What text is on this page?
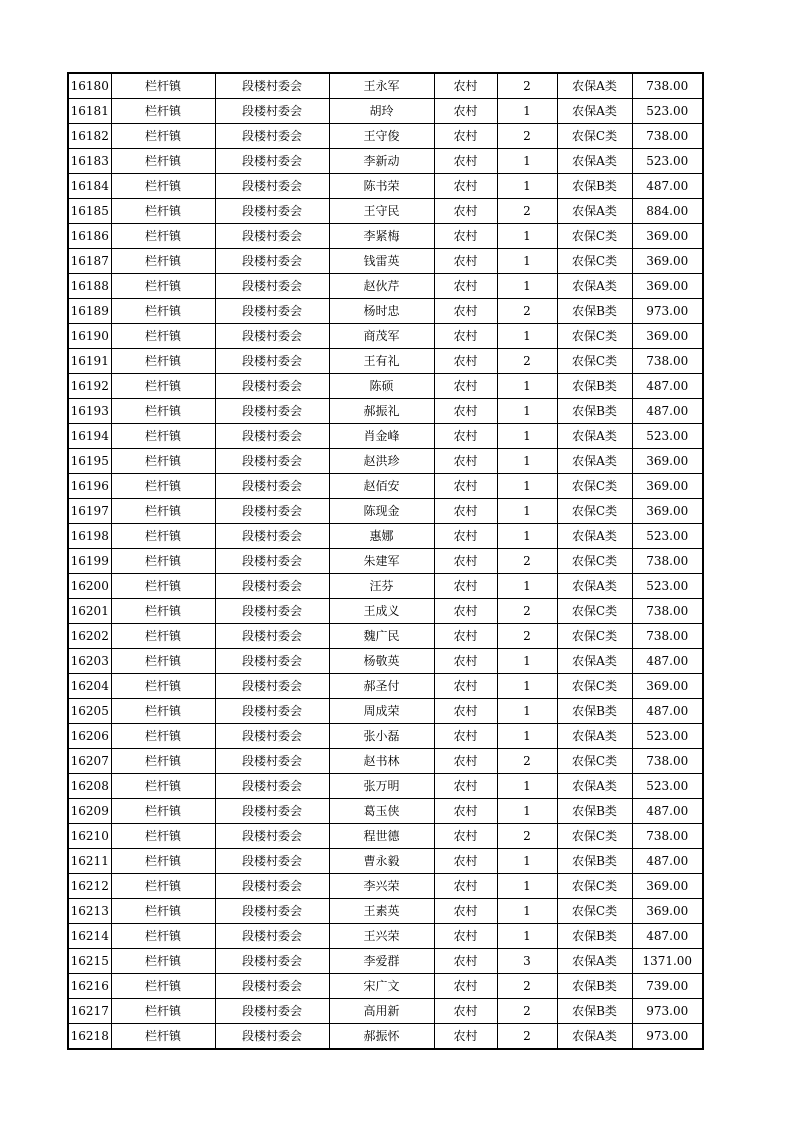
16180	栏杆镇	段楼村委会	王永军	农村	2	农保A类	738.00
16181	栏杆镇	段楼村委会	胡玲	农村	1	农保A类	523.00
16182	栏杆镇	段楼村委会	王守俊	农村	2	农保C类	738.00
16183	栏杆镇	段楼村委会	李新动	农村	1	农保A类	523.00
16184	栏杆镇	段楼村委会	陈书荣	农村	1	农保B类	487.00
16185	栏杆镇	段楼村委会	王守民	农村	2	农保A类	884.00
16186	栏杆镇	段楼村委会	李紧梅	农村	1	农保C类	369.00
16187	栏杆镇	段楼村委会	钱雷英	农村	1	农保C类	369.00
16188	栏杆镇	段楼村委会	赵伙芹	农村	1	农保A类	369.00
16189	栏杆镇	段楼村委会	杨时忠	农村	2	农保B类	973.00
16190	栏杆镇	段楼村委会	商茂军	农村	1	农保C类	369.00
16191	栏杆镇	段楼村委会	王有礼	农村	2	农保C类	738.00
16192	栏杆镇	段楼村委会	陈硕	农村	1	农保B类	487.00
16193	栏杆镇	段楼村委会	郝振礼	农村	1	农保B类	487.00
16194	栏杆镇	段楼村委会	肖金峰	农村	1	农保A类	523.00
16195	栏杆镇	段楼村委会	赵洪珍	农村	1	农保A类	369.00
16196	栏杆镇	段楼村委会	赵佰安	农村	1	农保C类	369.00
16197	栏杆镇	段楼村委会	陈现金	农村	1	农保C类	369.00
16198	栏杆镇	段楼村委会	惠娜	农村	1	农保A类	523.00
16199	栏杆镇	段楼村委会	朱建军	农村	2	农保C类	738.00
16200	栏杆镇	段楼村委会	汪芬	农村	1	农保A类	523.00
16201	栏杆镇	段楼村委会	王成义	农村	2	农保C类	738.00
16202	栏杆镇	段楼村委会	魏广民	农村	2	农保C类	738.00
16203	栏杆镇	段楼村委会	杨敬英	农村	1	农保A类	487.00
16204	栏杆镇	段楼村委会	郝圣付	农村	1	农保C类	369.00
16205	栏杆镇	段楼村委会	周成荣	农村	1	农保B类	487.00
16206	栏杆镇	段楼村委会	张小磊	农村	1	农保A类	523.00
16207	栏杆镇	段楼村委会	赵书林	农村	2	农保C类	738.00
16208	栏杆镇	段楼村委会	张万明	农村	1	农保A类	523.00
16209	栏杆镇	段楼村委会	葛玉侠	农村	1	农保B类	487.00
16210	栏杆镇	段楼村委会	程世德	农村	2	农保C类	738.00
16211	栏杆镇	段楼村委会	曹永毅	农村	1	农保B类	487.00
16212	栏杆镇	段楼村委会	李兴荣	农村	1	农保C类	369.00
16213	栏杆镇	段楼村委会	王素英	农村	1	农保C类	369.00
16214	栏杆镇	段楼村委会	王兴荣	农村	1	农保B类	487.00
16215	栏杆镇	段楼村委会	李爱群	农村	3	农保A类	1371.00
16216	栏杆镇	段楼村委会	宋广文	农村	2	农保B类	739.00
16217	栏杆镇	段楼村委会	高用新	农村	2	农保B类	973.00
16218	栏杆镇	段楼村委会	郝振怀	农村	2	农保A类	973.00
